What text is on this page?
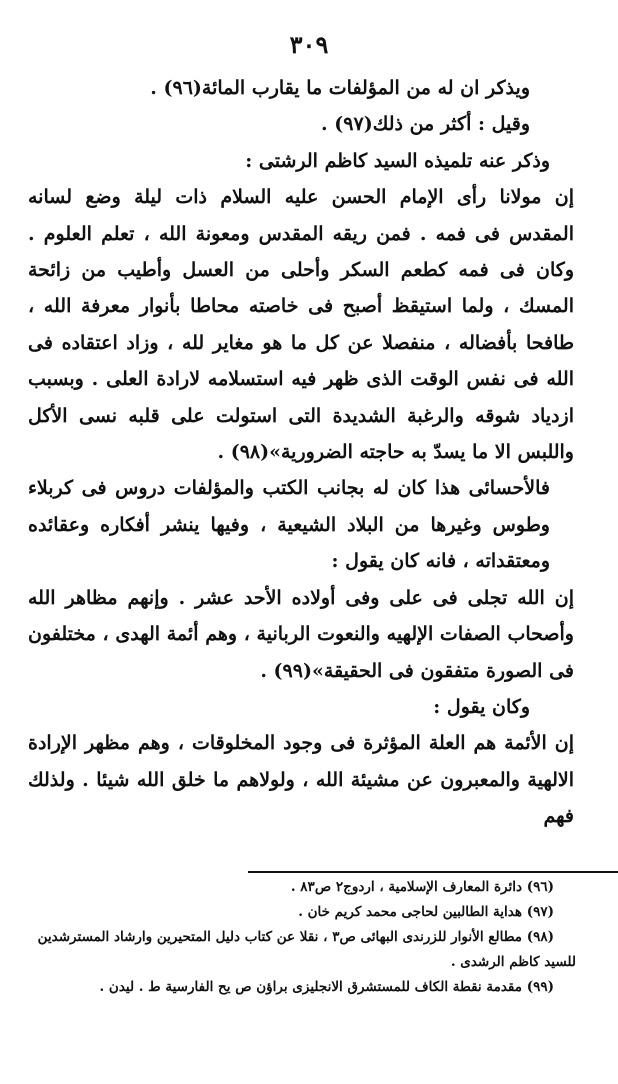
٣٠٩

ويذكر ان له من المؤلفات ما يقارب المائة(٩٦) .

وقيل : أكثر من ذلك(٩٧) .

وذكر عنه تلميذه السيد كاظم الرشتى :

إن مولانا رأى الإمام الحسن عليه السلام ذات ليلة وضع لسانه المقدس فى فمه . فمن ريقه المقدس ومعونة الله ، تعلم العلوم . وكان فى فمه كطعم السكر وأحلى من العسل وأطيب من زائحة المسك ، ولما استيقظ أصبح فى خاصته محاطا بأنوار معرفة الله ، طافحا بأفضاله ، منفصلا عن كل ما هو مغاير لله ، وزاد اعتقاده فى الله فى نفس الوقت الذى ظهر فيه استسلامه لارادة العلى . وبسبب ازدياد شوقه والرغبة الشديدة التى استولت على قلبه نسى الأكل واللبس الا ما يسدّ به حاجته الضرورية»(٩٨) .

فالأحسائى هذا كان له بجانب الكتب والمؤلفات دروس فى كربلاء وطوس وغيرها من البلاد الشيعية ، وفيها ينشر أفكاره وعقائده ومعتقداته ، فانه كان يقول :

إن الله تجلى فى على وفى أولاده الأحد عشر . وإنهم مظاهر الله وأصحاب الصفات الإلهيه والنعوت الربانية ، وهم أئمة الهدى ، مختلفون فى الصورة متفقون فى الحقيقة»(٩٩) .

وكان يقول :

إن الأئمة هم العلة المؤثرة فى وجود المخلوقات ، وهم مظهر الإرادة الالهية والمعبرون عن مشيئة الله ، ولولاهم ما خلق الله شيئا . ولذلك فهم

(٩٦) دائرة المعارف الإسلامية ، اردوج٢ ص٨٣ .

(٩٧) هداية الطالبين لحاجى محمد كريم خان .

(٩٨) مطالع الأنوار للزرندى البهائى ص٣ ، نقلا عن كتاب دليل المتحيرين وارشاد المسترشدين

للسيد كاظم الرشدى .

(٩٩) مقدمة نقطة الكاف للمستشرق الانجليزى براؤن ص يح الفارسية ط . ليدن .
